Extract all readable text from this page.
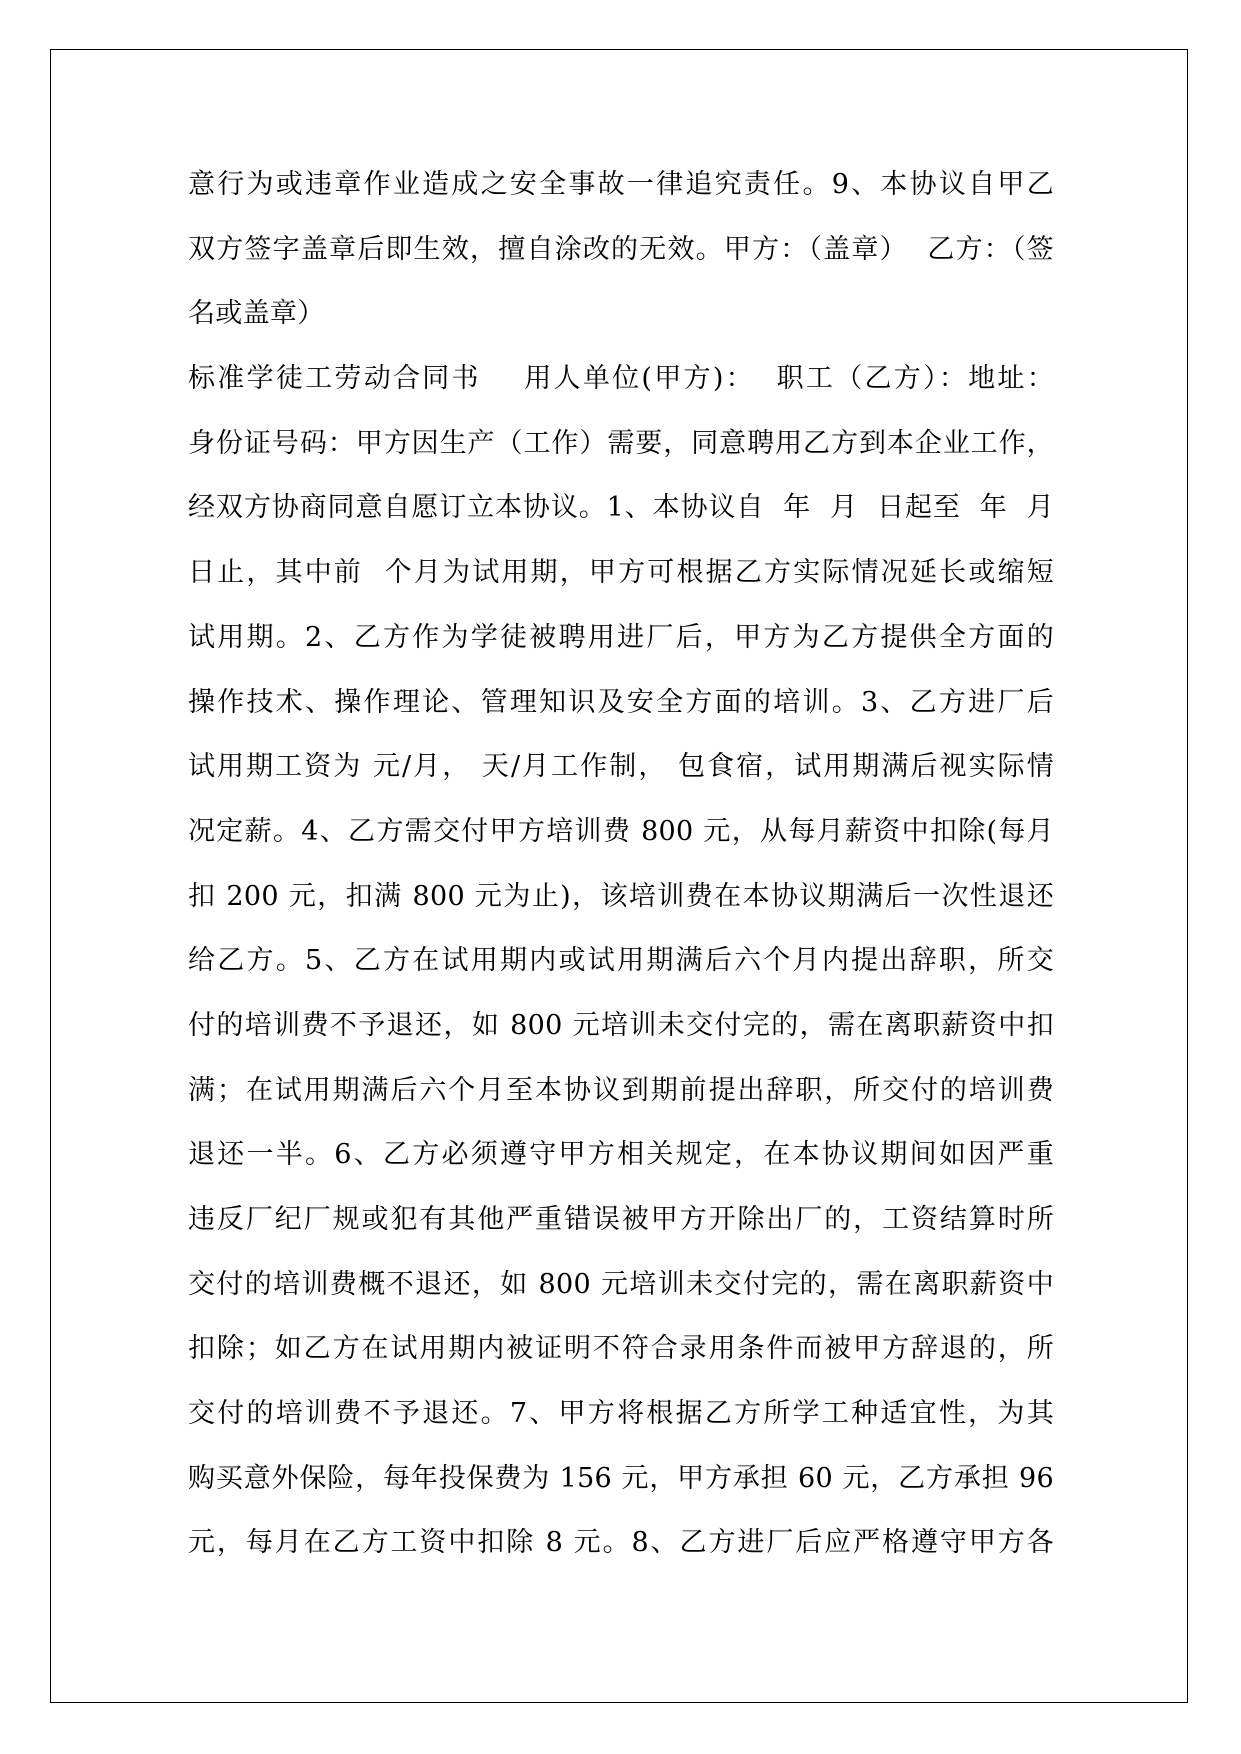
意行为或违章作业造成之安全事故一律追究责任。9、本协议自甲乙
双方签字盖章后即生效，擅自涂改的无效。甲方：（盖章）  乙方：（签
名或盖章）
标准学徒工劳动合同书    用人单位(甲方)：  职工（乙方）：地址：
身份证号码：甲方因生产（工作）需要，同意聘用乙方到本企业工作，
经双方协商同意自愿订立本协议。1、本协议自  年  月  日起至  年  月
日止，其中前  个月为试用期，甲方可根据乙方实际情况延长或缩短
试用期。2、乙方作为学徒被聘用进厂后，甲方为乙方提供全方面的
操作技术、操作理论、管理知识及安全方面的培训。3、乙方进厂后
试用期工资为 元/月， 天/月工作制， 包食宿，试用期满后视实际情
况定薪。4、乙方需交付甲方培训费 800 元，从每月薪资中扣除(每月
扣 200 元，扣满 800 元为止)，该培训费在本协议期满后一次性退还
给乙方。5、乙方在试用期内或试用期满后六个月内提出辞职，所交
付的培训费不予退还，如 800 元培训未交付完的，需在离职薪资中扣
满；在试用期满后六个月至本协议到期前提出辞职，所交付的培训费
退还一半。6、乙方必须遵守甲方相关规定，在本协议期间如因严重
违反厂纪厂规或犯有其他严重错误被甲方开除出厂的，工资结算时所
交付的培训费概不退还，如 800 元培训未交付完的，需在离职薪资中
扣除；如乙方在试用期内被证明不符合录用条件而被甲方辞退的，所
交付的培训费不予退还。7、甲方将根据乙方所学工种适宜性，为其
购买意外保险，每年投保费为 156 元，甲方承担 60 元，乙方承担 96
元，每月在乙方工资中扣除 8 元。8、乙方进厂后应严格遵守甲方各
